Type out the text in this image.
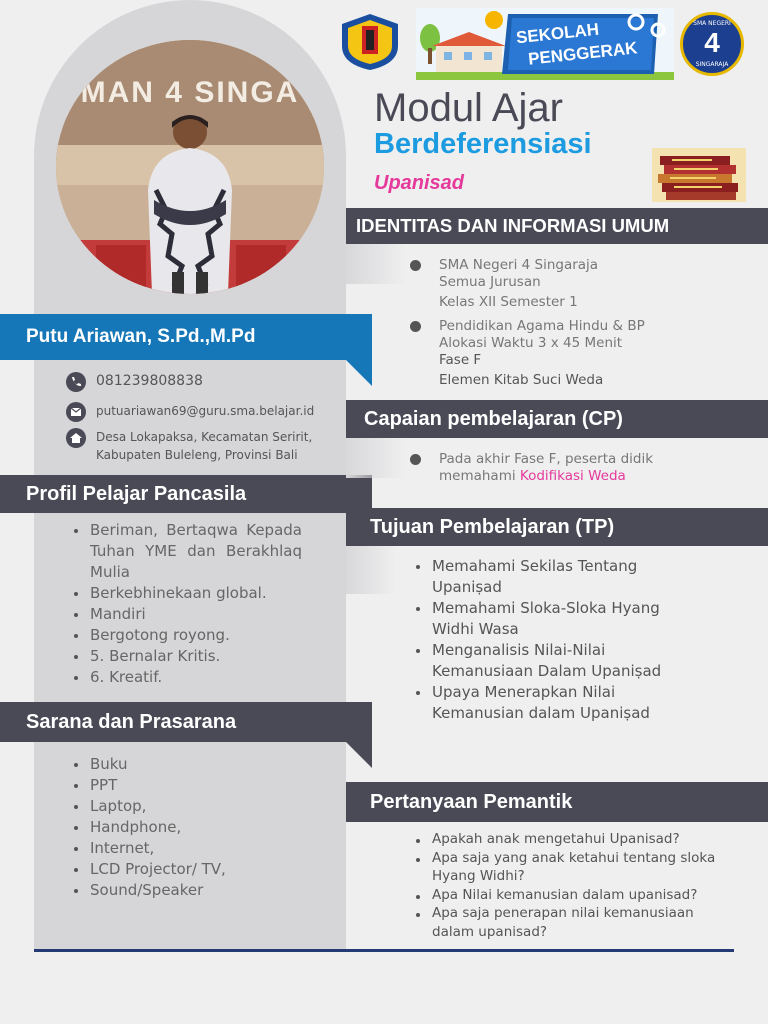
MAN 4 SINGA
SEKOLAH
PENGGERAK
SMA NEGERI
4
SINGARAJA
Modul Ajar
Berdeferensiasi
Upanisad
Putu Ariawan, S.Pd.,M.Pd
081239808838
putuariawan69@guru.sma.belajar.id
Desa Lokapaksa, Kecamatan Seririt, Kabupaten Buleleng, Provinsi Bali
Profil Pelajar Pancasila
Beriman, Bertaqwa Kepada Tuhan YME dan Berakhlaq Mulia
Berkebhinekaan global.
Mandiri
Bergotong royong.
5. Bernalar Kritis.
6. Kreatif.
Sarana dan Prasarana
Buku
PPT
Laptop,
Handphone,
Internet,
LCD Projector/ TV,
Sound/Speaker
IDENTITAS DAN INFORMASI UMUM
SMA Negeri 4 Singaraja
Semua Jurusan
Kelas XII Semester 1
Pendidikan Agama Hindu & BP
Alokasi Waktu 3 x 45 Menit
Fase F
Elemen Kitab Suci Weda
Capaian pembelajaran (CP)
Pada akhir Fase F, peserta didik
memahami Kodifikasi Weda
Tujuan Pembelajaran (TP)
Memahami Sekilas Tentang Upaniṣad
Memahami Sloka-Sloka Hyang Widhi Wasa
Menganalisis Nilai-Nilai Kemanusiaan Dalam Upaniṣad
Upaya Menerapkan Nilai Kemanusian dalam Upaniṣad
Pertanyaan Pemantik
Apakah anak mengetahui Upanisad?
Apa saja yang anak ketahui tentang sloka Hyang Widhi?
Apa Nilai kemanusian dalam upanisad?
Apa saja penerapan nilai kemanusiaan dalam upanisad?
